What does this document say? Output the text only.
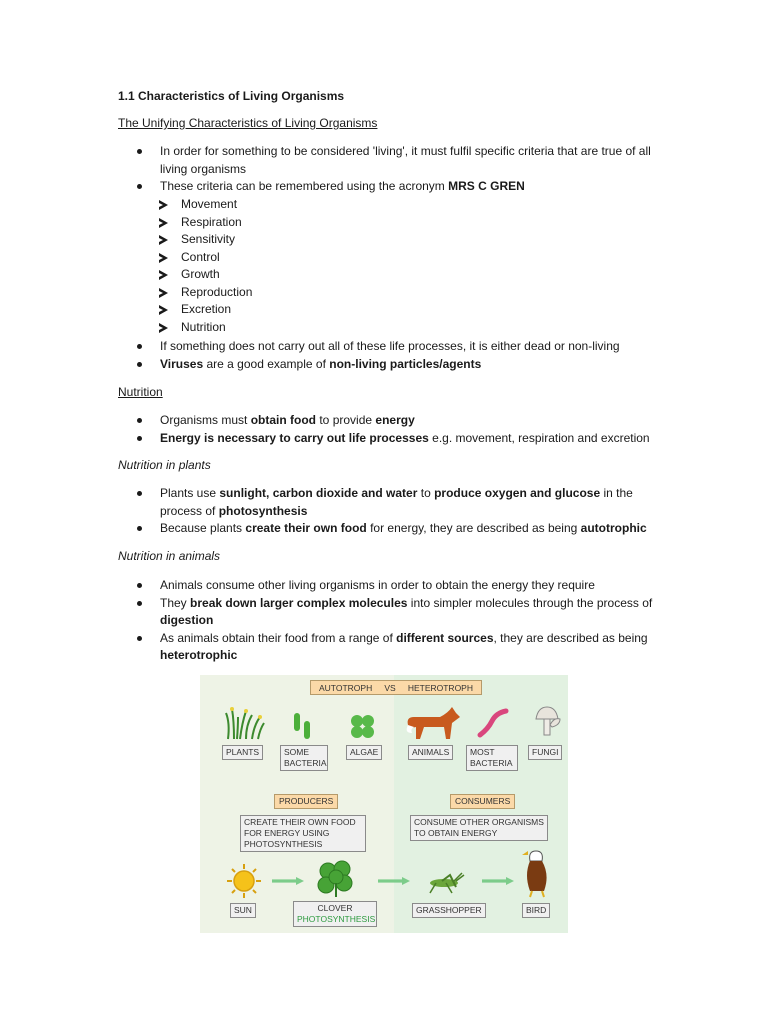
1.1 Characteristics of Living Organisms
The Unifying Characteristics of Living Organisms
In order for something to be considered 'living', it must fulfil specific criteria that are true of all living organisms
These criteria can be remembered using the acronym MRS C GREN
Movement
Respiration
Sensitivity
Control
Growth
Reproduction
Excretion
Nutrition
If something does not carry out all of these life processes, it is either dead or non-living
Viruses are a good example of non-living particles/agents
Nutrition
Organisms must obtain food to provide energy
Energy is necessary to carry out life processes e.g. movement, respiration and excretion
Nutrition in plants
Plants use sunlight, carbon dioxide and water to produce oxygen and glucose in the process of photosynthesis
Because plants create their own food for energy, they are described as being autotrophic
Nutrition in animals
Animals consume other living organisms in order to obtain the energy they require
They break down larger complex molecules into simpler molecules through the process of digestion
As animals obtain their food from a range of different sources, they are described as being heterotrophic
AUTOTROPH VS HETEROTROPH
PLANTS	SOME BACTERIA
ALGAE	ANIMALS	MOST BACTERIA
FUNGI
PRODUCERS	CONSUMERS
CREATE THEIR OWN FOOD FOR ENERGY USING PHOTOSYNTHESIS
CONSUME OTHER ORGANISMS TO OBTAIN ENERGY
SUN	CLOVER
PHOTOSYNTHESIS
GRASSHOPPER	BIRD
